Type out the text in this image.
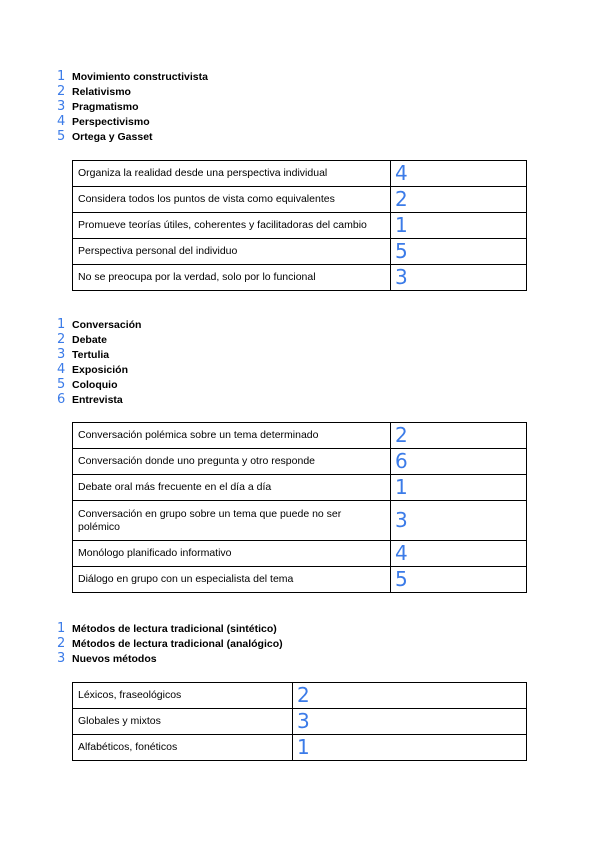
1 Movimiento constructivista
2 Relativismo
3 Pragmatismo
4 Perspectivismo
5 Ortega y Gasset
Organiza la realidad desde una perspectiva individual	4
Considera todos los puntos de vista como equivalentes	2
Promueve teorías útiles, coherentes y facilitadoras del cambio	1
Perspectiva personal del individuo	5
No se preocupa por la verdad, solo por lo funcional	3
1 Conversación
2 Debate
3 Tertulia
4 Exposición
5 Coloquio
6 Entrevista
Conversación polémica sobre un tema determinado	2
Conversación donde uno pregunta y otro responde	6
Debate oral más frecuente en el día a día	1
Conversación en grupo sobre un tema que puede no ser polémico	3
Monólogo planificado informativo	4
Diálogo en grupo con un especialista del tema	5
1 Métodos de lectura tradicional (sintético)
2 Métodos de lectura tradicional (analógico)
3 Nuevos métodos
Léxicos, fraseológicos	2
Globales y mixtos	3
Alfabéticos, fonéticos	1
